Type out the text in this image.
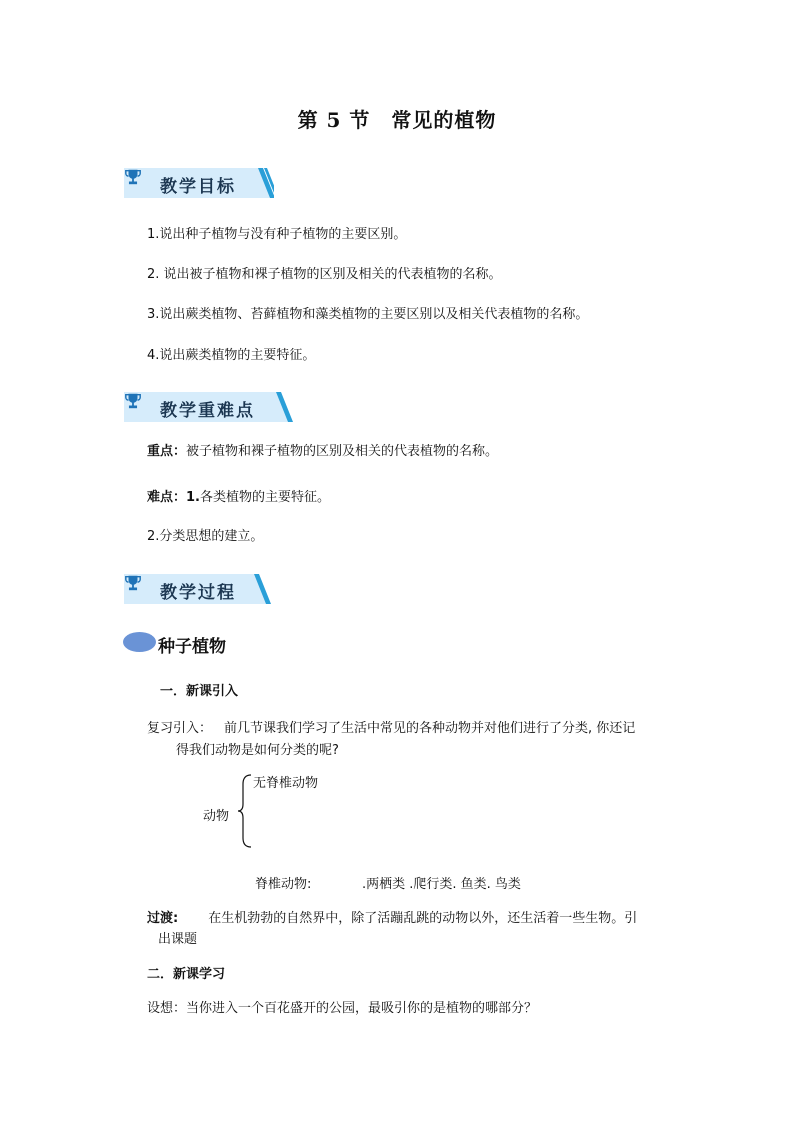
第 5 节　常见的植物
教学目标
1.说出种子植物与没有种子植物的主要区别。
2. 说出被子植物和裸子植物的区别及相关的代表植物的名称。
3.说出蕨类植物、苔藓植物和藻类植物的主要区别以及相关代表植物的名称。
4.说出蕨类植物的主要特征。
教学重难点
重点：被子植物和裸子植物的区别及相关的代表植物的名称。
难点：1.各类植物的主要特征。
2.分类思想的建立。
教学过程
种子植物
一．新课引入
复习引入： 前几节课我们学习了生活中常见的各种动物并对他们进行了分类, 你还记
得我们动物是如何分类的呢?
无脊椎动物
动物
脊椎动物:	.两栖类 .爬行类. 鱼类. 鸟类
过渡: 在生机勃勃的自然界中，除了活蹦乱跳的动物以外，还生活着一些生物。引
出课题
二．新课学习
设想：当你进入一个百花盛开的公园，最吸引你的是植物的哪部分？
